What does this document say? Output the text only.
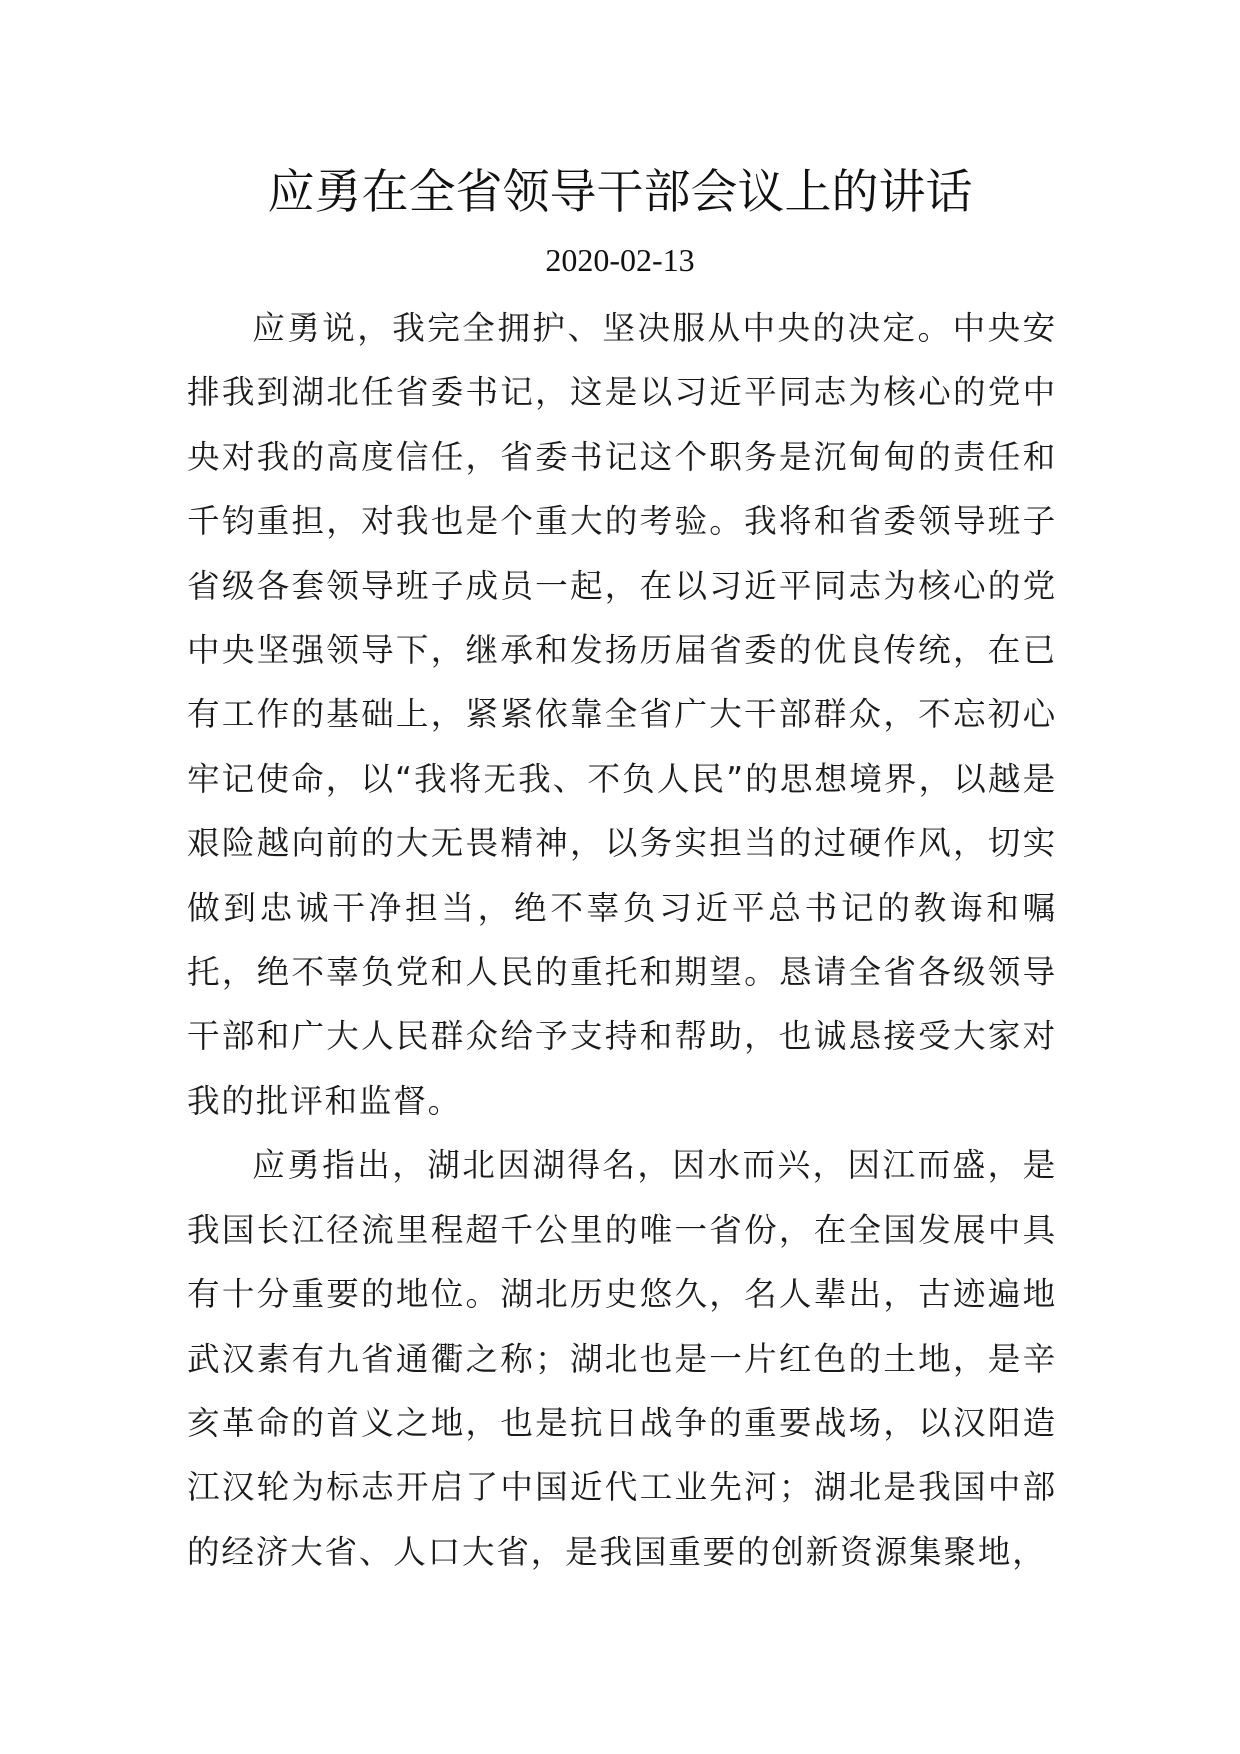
应勇在全省领导干部会议上的讲话
2020-02-13

应勇说，我完全拥护、坚决服从中央的决定。中央安排我到湖北任省委书记，这是以习近平同志为核心的党中央对我的高度信任，省委书记这个职务是沉甸甸的责任和千钧重担，对我也是个重大的考验。我将和省委领导班子省级各套领导班子成员一起，在以习近平同志为核心的党中央坚强领导下，继承和发扬历届省委的优良传统，在已有工作的基础上，紧紧依靠全省广大干部群众，不忘初心牢记使命，以“我将无我、不负人民”的思想境界，以越是艰险越向前的大无畏精神，以务实担当的过硬作风，切实做到忠诚干净担当，绝不辜负习近平总书记的教诲和嘱托，绝不辜负党和人民的重托和期望。恳请全省各级领导干部和广大人民群众给予支持和帮助，也诚恳接受大家对我的批评和监督。

应勇指出，湖北因湖得名，因水而兴，因江而盛，是我国长江径流里程超千公里的唯一省份，在全国发展中具有十分重要的地位。湖北历史悠久，名人辈出，古迹遍地武汉素有九省通衢之称；湖北也是一片红色的土地，是辛亥革命的首义之地，也是抗日战争的重要战场，以汉阳造江汉轮为标志开启了中国近代工业先河；湖北是我国中部的经济大省、人口大省，是我国重要的创新资源集聚地，
